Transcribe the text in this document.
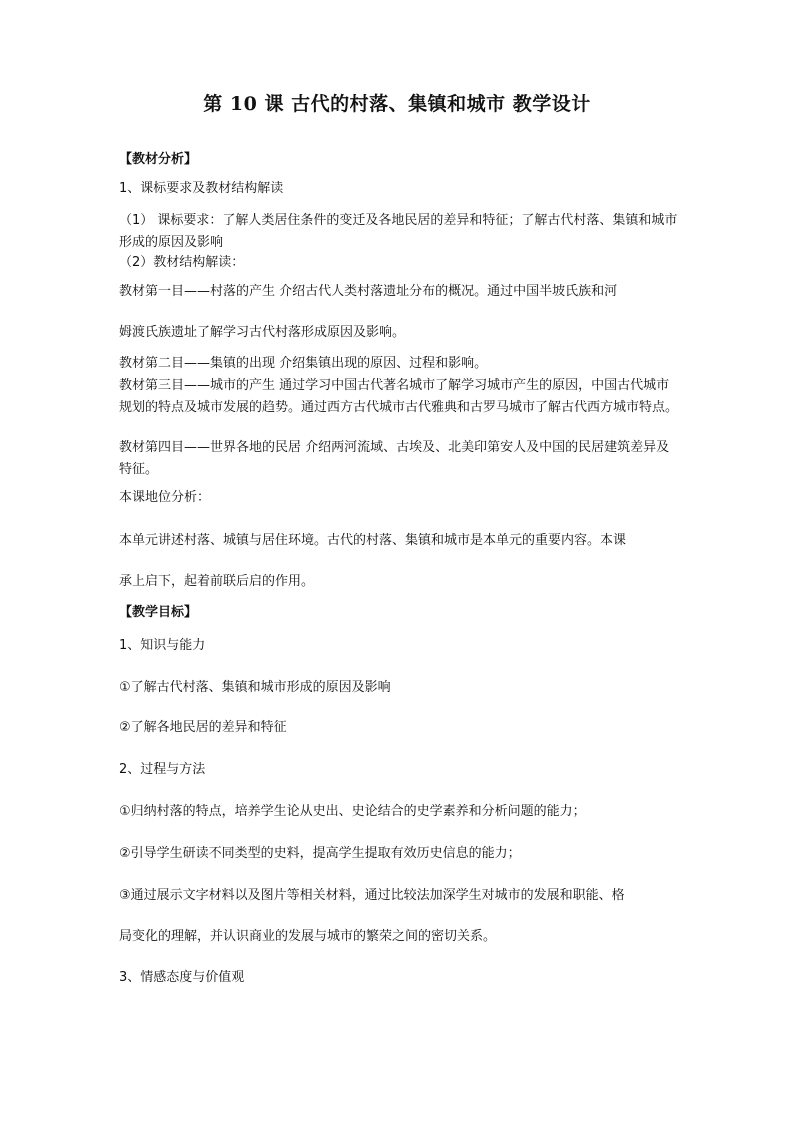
第 10 课 古代的村落、集镇和城市 教学设计
【教材分析】
1、课标要求及教材结构解读
（1） 课标要求：了解人类居住条件的变迁及各地民居的差异和特征；了解古代村落、集镇和城市形成的原因及影响
（2）教材结构解读：
教材第一目——村落的产生 介绍古代人类村落遗址分布的概况。通过中国半坡氏族和河
姆渡氏族遗址了解学习古代村落形成原因及影响。
教材第二目——集镇的出现 介绍集镇出现的原因、过程和影响。
教材第三目——城市的产生 通过学习中国古代著名城市了解学习城市产生的原因，中国古代城市规划的特点及城市发展的趋势。通过西方古代城市古代雅典和古罗马城市了解古代西方城市特点。
教材第四目——世界各地的民居 介绍两河流域、古埃及、北美印第安人及中国的民居建筑差异及特征。
本课地位分析：
本单元讲述村落、城镇与居住环境。古代的村落、集镇和城市是本单元的重要内容。本课
承上启下，起着前联后启的作用。
【教学目标】
1、知识与能力
①了解古代村落、集镇和城市形成的原因及影响
②了解各地民居的差异和特征
2、过程与方法
①归纳村落的特点，培养学生论从史出、史论结合的史学素养和分析问题的能力；
②引导学生研读不同类型的史料，提高学生提取有效历史信息的能力；
③通过展示文字材料以及图片等相关材料，通过比较法加深学生对城市的发展和职能、格
局变化的理解，并认识商业的发展与城市的繁荣之间的密切关系。
3、情感态度与价值观
